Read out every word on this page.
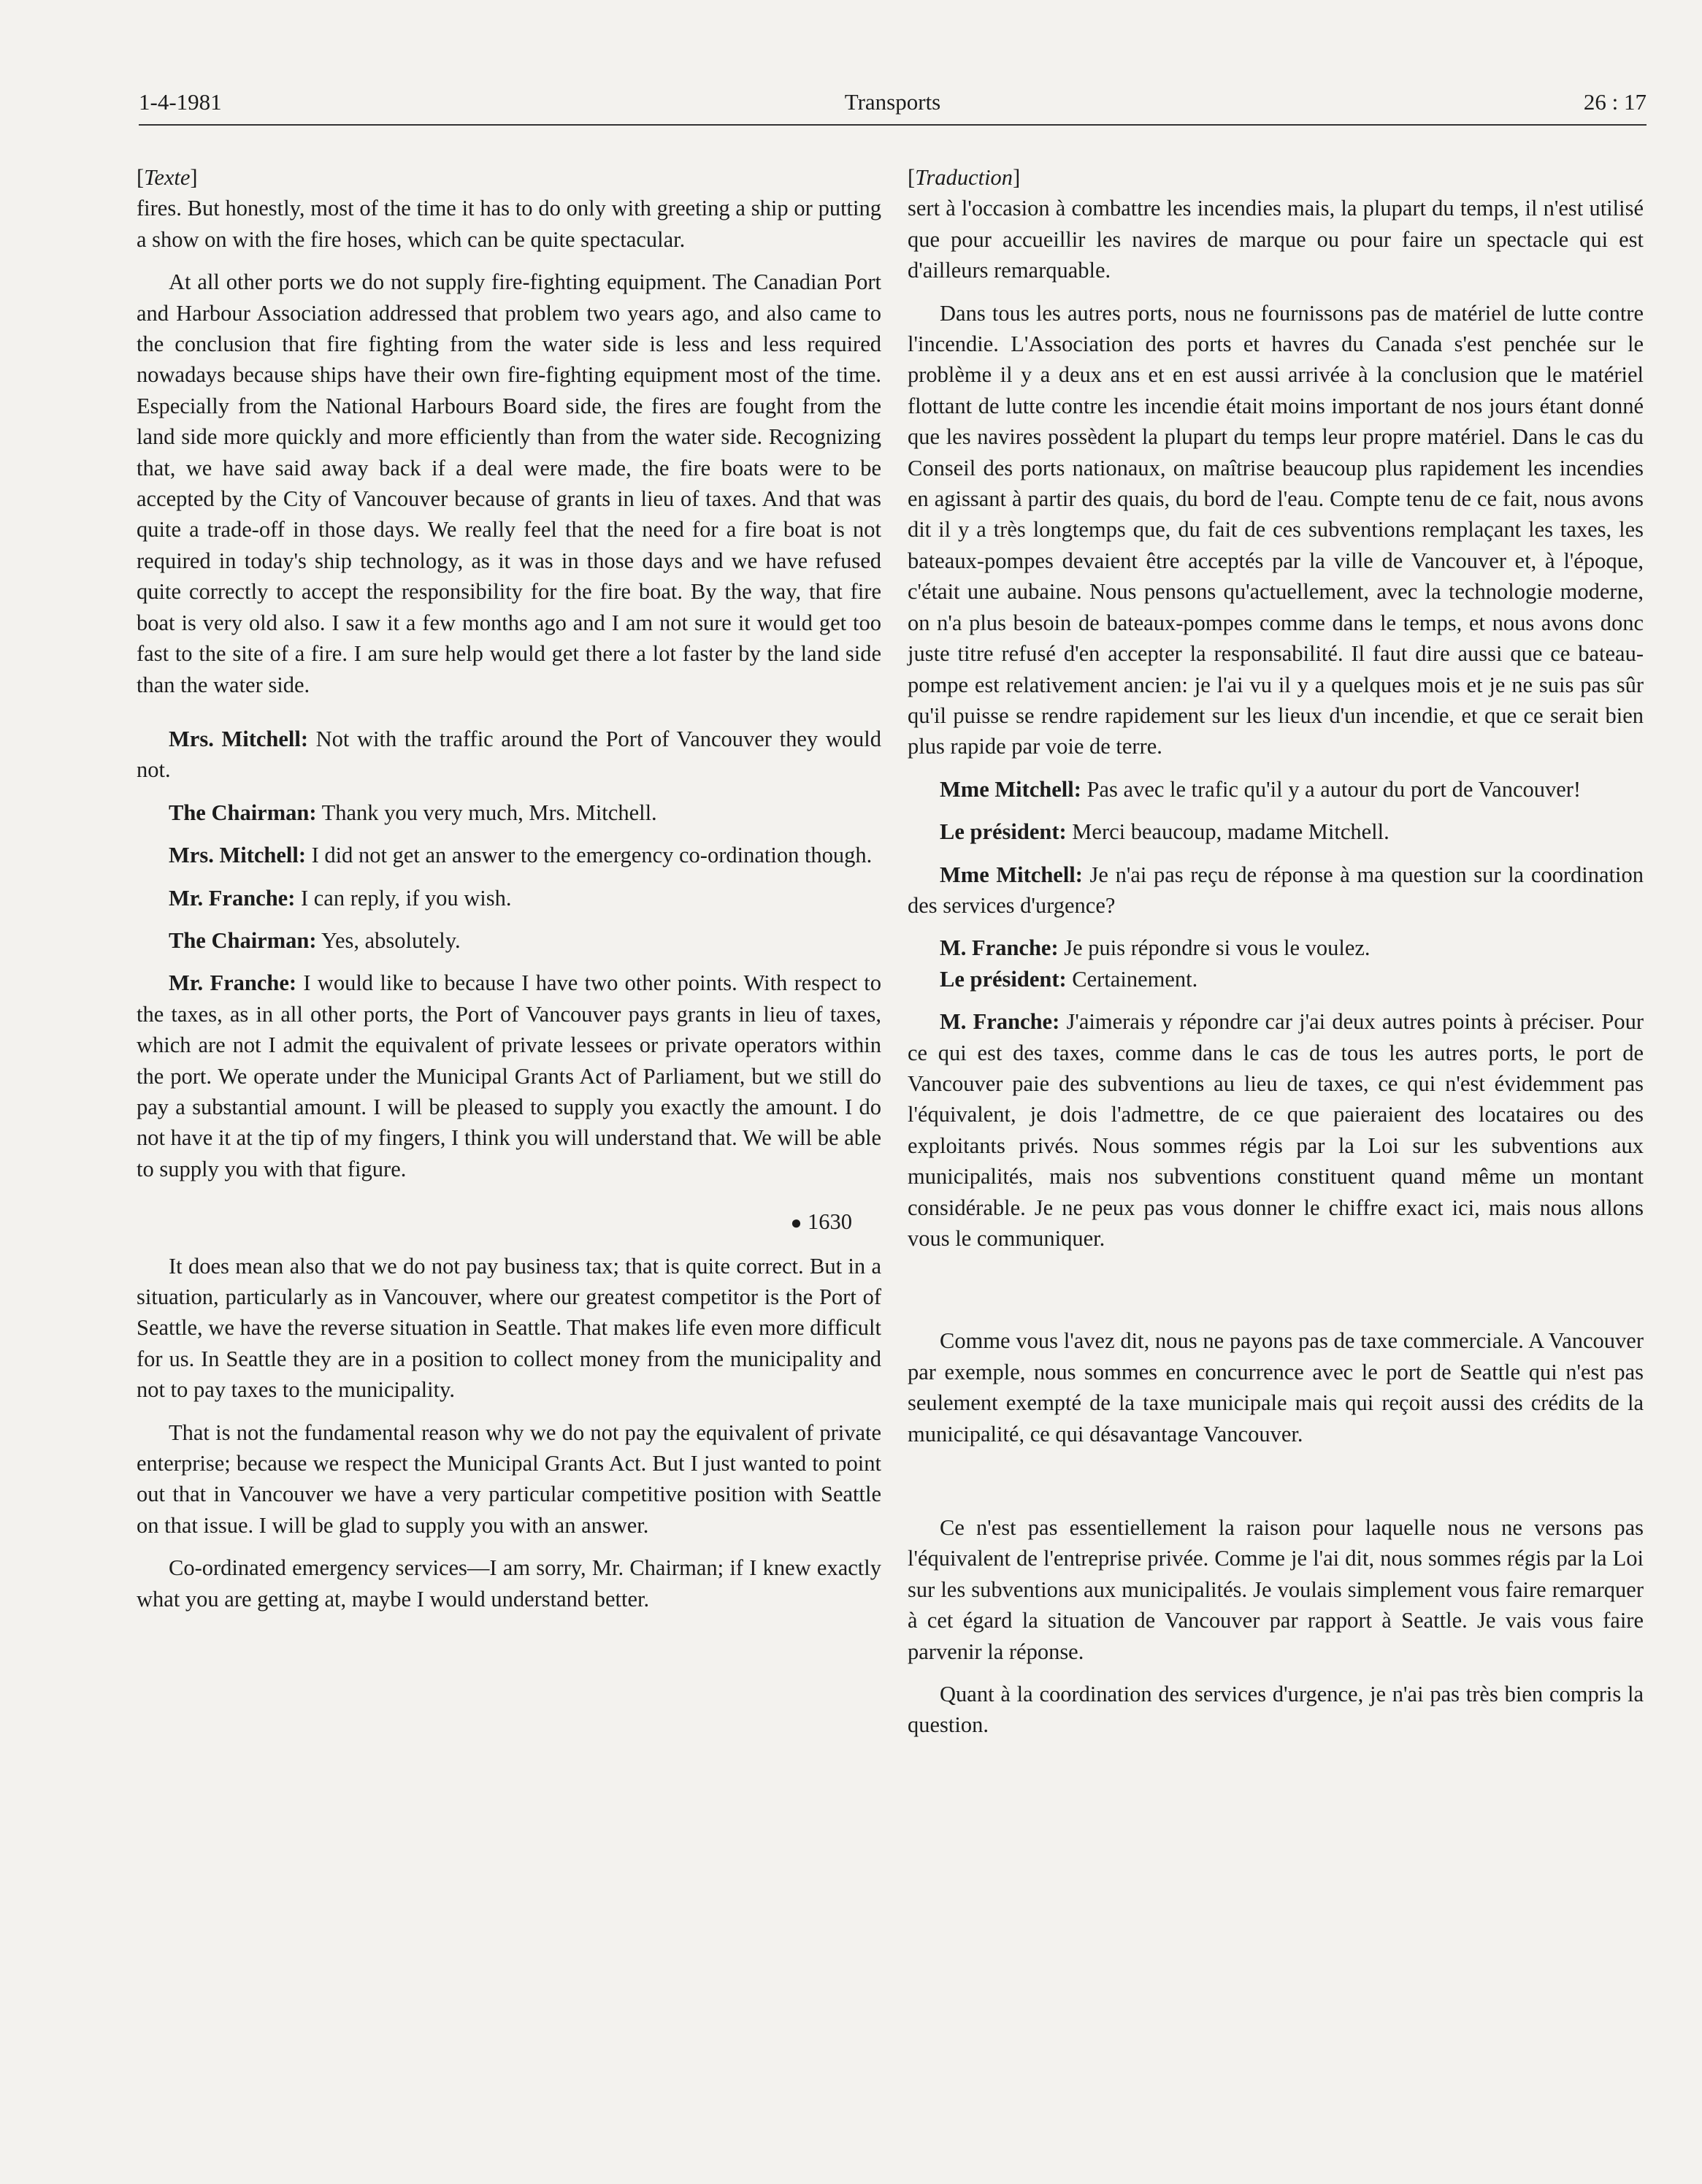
1-4-1981	Transports	26 : 17

[Texte]

fires. But honestly, most of the time it has to do only with greeting a ship or putting a show on with the fire hoses, which can be quite spectacular.

At all other ports we do not supply fire-fighting equipment. The Canadian Port and Harbour Association addressed that problem two years ago, and also came to the conclusion that fire fighting from the water side is less and less required nowadays because ships have their own fire-fighting equipment most of the time. Especially from the National Harbours Board side, the fires are fought from the land side more quickly and more efficiently than from the water side. Recognizing that, we have said away back if a deal were made, the fire boats were to be accepted by the City of Vancouver because of grants in lieu of taxes. And that was quite a trade-off in those days. We really feel that the need for a fire boat is not required in today's ship technology, as it was in those days and we have refused quite correctly to accept the responsibility for the fire boat. By the way, that fire boat is very old also. I saw it a few months ago and I am not sure it would get too fast to the site of a fire. I am sure help would get there a lot faster by the land side than the water side.

Mrs. Mitchell: Not with the traffic around the Port of Vancouver they would not.

The Chairman: Thank you very much, Mrs. Mitchell.

Mrs. Mitchell: I did not get an answer to the emergency co-ordination though.

Mr. Franche: I can reply, if you wish.

The Chairman: Yes, absolutely.

Mr. Franche: I would like to because I have two other points. With respect to the taxes, as in all other ports, the Port of Vancouver pays grants in lieu of taxes, which are not I admit the equivalent of private lessees or private operators within the port. We operate under the Municipal Grants Act of Parliament, but we still do pay a substantial amount. I will be pleased to supply you exactly the amount. I do not have it at the tip of my fingers, I think you will understand that. We will be able to supply you with that figure.

● 1630

It does mean also that we do not pay business tax; that is quite correct. But in a situation, particularly as in Vancouver, where our greatest competitor is the Port of Seattle, we have the reverse situation in Seattle. That makes life even more difficult for us. In Seattle they are in a position to collect money from the municipality and not to pay taxes to the municipality.

That is not the fundamental reason why we do not pay the equivalent of private enterprise; because we respect the Municipal Grants Act. But I just wanted to point out that in Vancouver we have a very particular competitive position with Seattle on that issue. I will be glad to supply you with an answer.

Co-ordinated emergency services—I am sorry, Mr. Chairman; if I knew exactly what you are getting at, maybe I would understand better.

[Traduction]

sert à l'occasion à combattre les incendies mais, la plupart du temps, il n'est utilisé que pour accueillir les navires de marque ou pour faire un spectacle qui est d'ailleurs remarquable.

Dans tous les autres ports, nous ne fournissons pas de matériel de lutte contre l'incendie. L'Association des ports et havres du Canada s'est penchée sur le problème il y a deux ans et en est aussi arrivée à la conclusion que le matériel flottant de lutte contre les incendie était moins important de nos jours étant donné que les navires possèdent la plupart du temps leur propre matériel. Dans le cas du Conseil des ports nationaux, on maîtrise beaucoup plus rapidement les incendies en agissant à partir des quais, du bord de l'eau. Compte tenu de ce fait, nous avons dit il y a très longtemps que, du fait de ces subventions remplaçant les taxes, les bateaux-pompes devaient être acceptés par la ville de Vancouver et, à l'époque, c'était une aubaine. Nous pensons qu'actuellement, avec la technologie moderne, on n'a plus besoin de bateaux-pompes comme dans le temps, et nous avons donc juste titre refusé d'en accepter la responsabilité. Il faut dire aussi que ce bateau-pompe est relativement ancien: je l'ai vu il y a quelques mois et je ne suis pas sûr qu'il puisse se rendre rapidement sur les lieux d'un incendie, et que ce serait bien plus rapide par voie de terre.

Mme Mitchell: Pas avec le trafic qu'il y a autour du port de Vancouver!

Le président: Merci beaucoup, madame Mitchell.

Mme Mitchell: Je n'ai pas reçu de réponse à ma question sur la coordination des services d'urgence?

M. Franche: Je puis répondre si vous le voulez.

Le président: Certainement.

M. Franche: J'aimerais y répondre car j'ai deux autres points à préciser. Pour ce qui est des taxes, comme dans le cas de tous les autres ports, le port de Vancouver paie des subventions au lieu de taxes, ce qui n'est évidemment pas l'équivalent, je dois l'admettre, de ce que paieraient des locataires ou des exploitants privés. Nous sommes régis par la Loi sur les subventions aux municipalités, mais nos subventions constituent quand même un montant considérable. Je ne peux pas vous donner le chiffre exact ici, mais nous allons vous le communiquer.

Comme vous l'avez dit, nous ne payons pas de taxe commerciale. A Vancouver par exemple, nous sommes en concurrence avec le port de Seattle qui n'est pas seulement exempté de la taxe municipale mais qui reçoit aussi des crédits de la municipalité, ce qui désavantage Vancouver.

Ce n'est pas essentiellement la raison pour laquelle nous ne versons pas l'équivalent de l'entreprise privée. Comme je l'ai dit, nous sommes régis par la Loi sur les subventions aux municipalités. Je voulais simplement vous faire remarquer à cet égard la situation de Vancouver par rapport à Seattle. Je vais vous faire parvenir la réponse.

Quant à la coordination des services d'urgence, je n'ai pas très bien compris la question.
